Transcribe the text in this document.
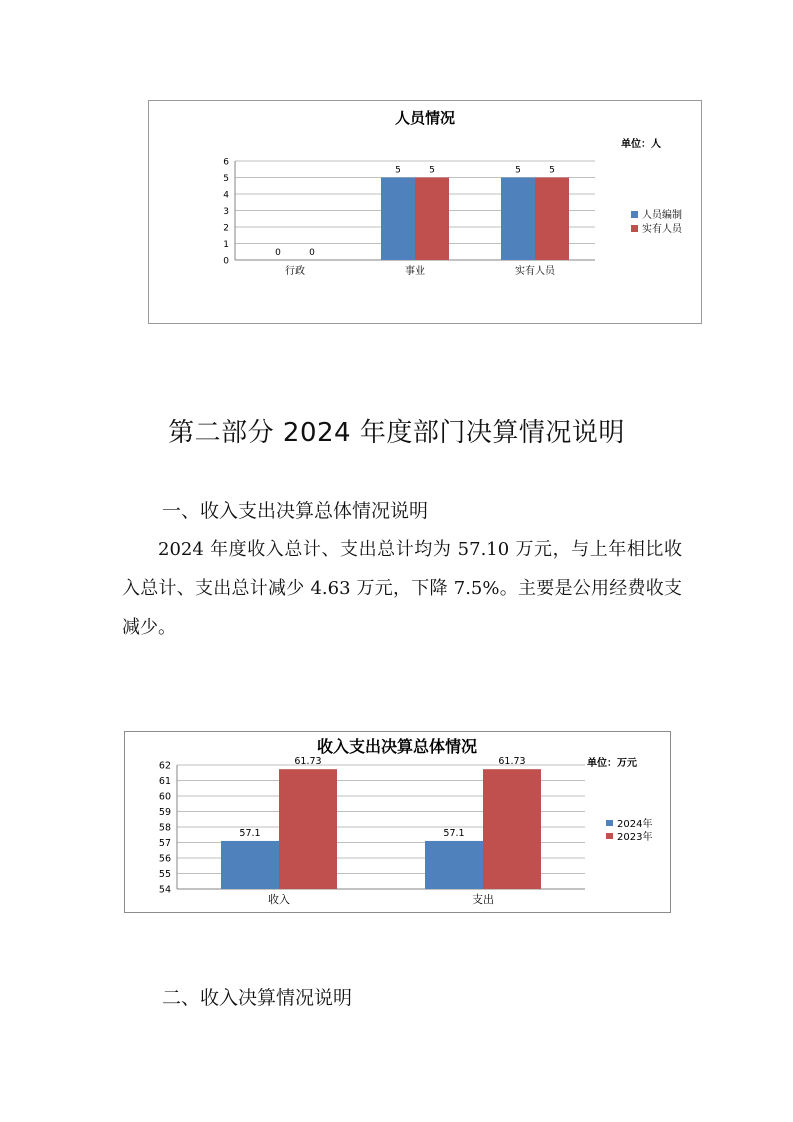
人员情况
单位：人
0
1
2
3
4
5
6
行政
0	0
事业
5	5
实有人员
5	5
人员编制
实有人员
第二部分 2024 年度部门决算情况说明
一、收入支出决算总体情况说明

2024 年度收入总计、支出总计均为 57.10 万元，与上年相比收入总计、支出总计减少 4.63 万元，下降 7.5%。主要是公用经费收支减少。

收入支出决算总体情况
单位：万元
54
55
56
57
58
59
60
61
62
收入
57.1
61.73
支出
57.1
61.73
2024年
2023年
二、收入决算情况说明
